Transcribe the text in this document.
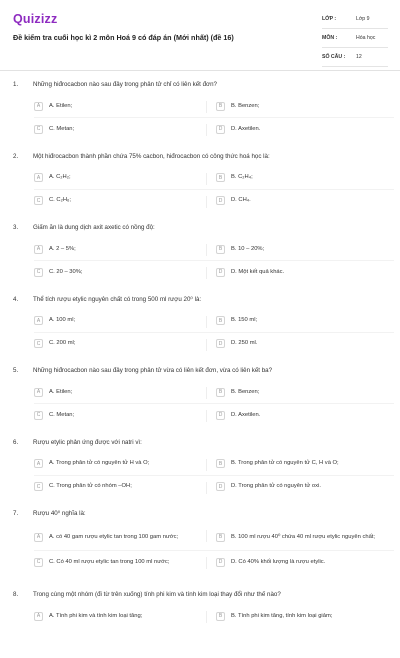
Quizizz
Đề kiểm tra cuối học kì 2 môn Hoá 9 có đáp án (Mới nhất) (đề 16)
LỚP :	Lớp 9
MÔN :	Hóa học
SỐ CÂU :	12
1. Những hiđrocacbon nào sau đây trong phân tử chỉ có liên kết đơn?
A	A. Etilen;	B	B. Benzen;
C	C. Metan;	D	D. Axetilen.
2. Một hiđrocacbon thành phần chứa 75% cacbon, hiđrocacbon có công thức hoá học là:
A	A. C₂H₂;	B	B. C₂H₄;
C	C. C₂H₆;	D	D. CH₄.
3. Giấm ăn là dung dịch axit axetic có nồng độ:
A	A. 2 – 5%;	B	B. 10 – 20%;
C	C. 20 – 30%;	D	D. Một kết quả khác.
4. Thể tích rượu etylic nguyên chất có trong 500 ml rượu 20⁰ là:
A	A. 100 ml;	B	B. 150 ml;
C	C. 200 ml;	D	D. 250 ml.
5. Những hiđrocacbon nào sau đây trong phân tử vừa có liên kết đơn, vừa có liên kết ba?
A	A. Etilen;	B	B. Benzen;
C	C. Metan;	D	D. Axetilen.
6. Rượu etylic phản ứng được với natri vì:
A	A. Trong phân tử có nguyên tử H và O;	B	B. Trong phân tử có nguyên tử C, H và O;
C	C. Trong phân tử có nhóm –OH;	D	D. Trong phân tử có nguyên tử oxi.
7. Rượu 40⁰ nghĩa là:
A	A. có 40 gam rượu etylic tan trong 100 gam nước;	B	B. 100 ml rượu 40⁰ chứa 40 ml rượu etylic nguyên chất;
C	C. Có 40 ml rượu etylic tan trong 100 ml nước;	D	D. Có 40% khối lượng là rượu etylic.
8. Trong cùng một nhóm (đi từ trên xuống) tính phi kim và tính kim loại thay đổi như thế nào?
A	A. Tính phi kim và tính kim loại tăng;	B	B. Tính phi kim tăng, tính kim loại giảm;
